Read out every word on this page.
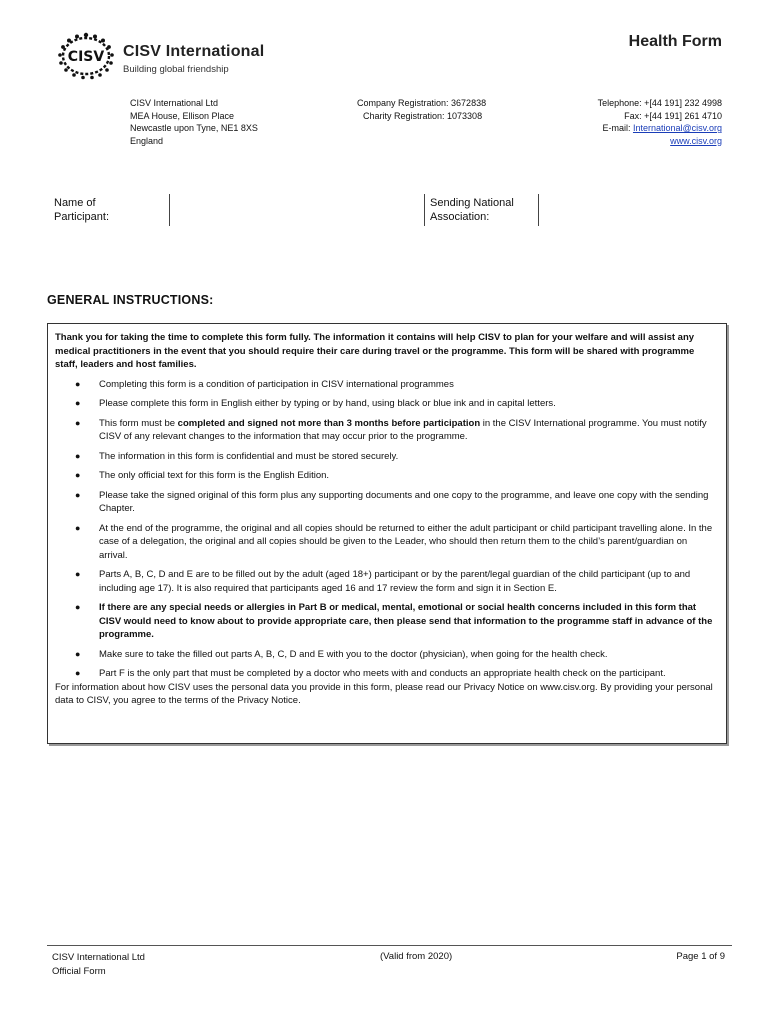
CISV CISV International
Building global friendship
Health Form
CISV International Ltd
MEA House, Ellison Place
Newcastle upon Tyne, NE1 8XS
England
Company Registration: 3672838
Charity Registration: 1073308
Telephone: +[44 191] 232 4998
Fax: +[44 191] 261 4710
E-mail: International@cisv.org
www.cisv.org
Name of
Participant:
Sending National
Association:
GENERAL INSTRUCTIONS:

Thank you for taking the time to complete this form fully. The information it contains will help CISV to plan for your welfare and will assist any medical practitioners in the event that you should require their care during travel or the programme. This form will be shared with programme staff, leaders and host families.

● Completing this form is a condition of participation in CISV international programmes
● Please complete this form in English either by typing or by hand, using black or blue ink and in capital letters.
● This form must be completed and signed not more than 3 months before participation in the CISV International programme. You must notify CISV of any relevant changes to the information that may occur prior to the programme.
● The information in this form is confidential and must be stored securely.
● The only official text for this form is the English Edition.
● Please take the signed original of this form plus any supporting documents and one copy to the programme, and leave one copy with the sending Chapter.
● At the end of the programme, the original and all copies should be returned to either the adult participant or child participant travelling alone. In the case of a delegation, the original and all copies should be given to the Leader, who should then return them to the child’s parent/guardian on arrival.
● Parts A, B, C, D and E are to be filled out by the adult (aged 18+) participant or by the parent/legal guardian of the child participant (up to and including age 17). It is also required that participants aged 16 and 17 review the form and sign it in Section E.
● If there are any special needs or allergies in Part B or medical, mental, emotional or social health concerns included in this form that CISV would need to know about to provide appropriate care, then please send that information to the programme staff in advance of the programme.
● Make sure to take the filled out parts A, B, C, D and E with you to the doctor (physician), when going for the health check.
● Part F is the only part that must be completed by a doctor who meets with and conducts an appropriate health check on the participant.

For information about how CISV uses the personal data you provide in this form, please read our Privacy Notice on www.cisv.org. By providing your personal data to CISV, you agree to the terms of the Privacy Notice.

CISV International Ltd
Official Form
(Valid from 2020)	Page 1 of 9
